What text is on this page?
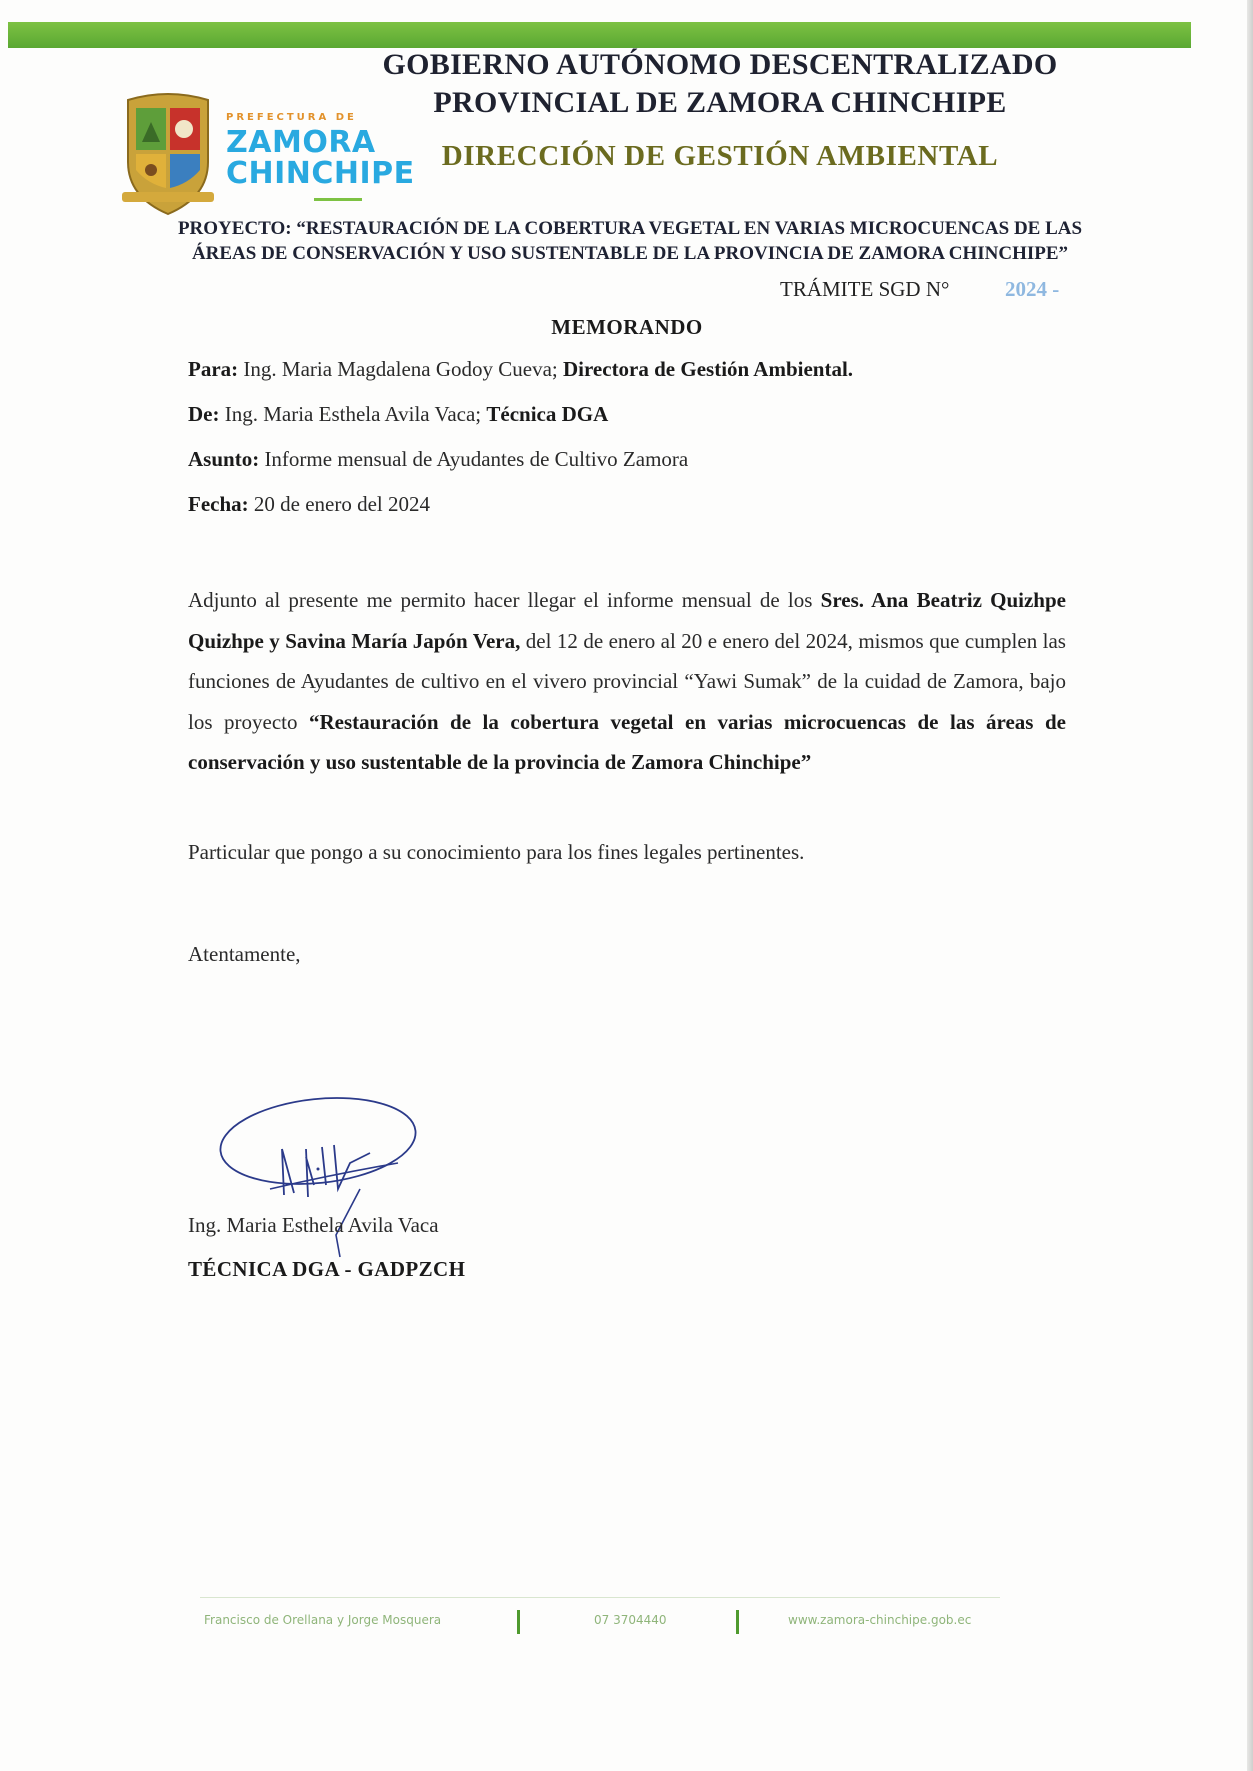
PREFECTURA DE
ZAMORA
CHINCHIPE
GOBIERNO AUTÓNOMO DESCENTRALIZADO
PROVINCIAL DE ZAMORA CHINCHIPE
DIRECCIÓN DE GESTIÓN AMBIENTAL
PROYECTO: “RESTAURACIÓN DE LA COBERTURA VEGETAL EN VARIAS MICROCUENCAS DE LAS
ÁREAS DE CONSERVACIÓN Y USO SUSTENTABLE DE LA PROVINCIA DE ZAMORA CHINCHIPE”
TRÁMITE SGD N°	2024 -
MEMORANDO
Para: Ing. Maria Magdalena Godoy Cueva; Directora de Gestión Ambiental.
De: Ing. Maria Esthela Avila Vaca; Técnica DGA
Asunto: Informe mensual de Ayudantes de Cultivo Zamora
Fecha: 20 de enero del 2024
Adjunto al presente me permito hacer llegar el informe mensual de los Sres. Ana Beatriz Quizhpe Quizhpe y Savina María Japón Vera, del 12 de enero al 20 e enero del 2024, mismos que cumplen las funciones de Ayudantes de cultivo en el vivero provincial “Yawi Sumak” de la cuidad de Zamora, bajo los proyecto “Restauración de la cobertura vegetal en varias microcuencas de las áreas de conservación y uso sustentable de la provincia de Zamora Chinchipe”
Particular que pongo a su conocimiento para los fines legales pertinentes.
Atentamente,
Ing. Maria Esthela Avila Vaca
TÉCNICA DGA - GADPZCH
Francisco de Orellana y Jorge Mosquera	07 3704440	www.zamora-chinchipe.gob.ec
